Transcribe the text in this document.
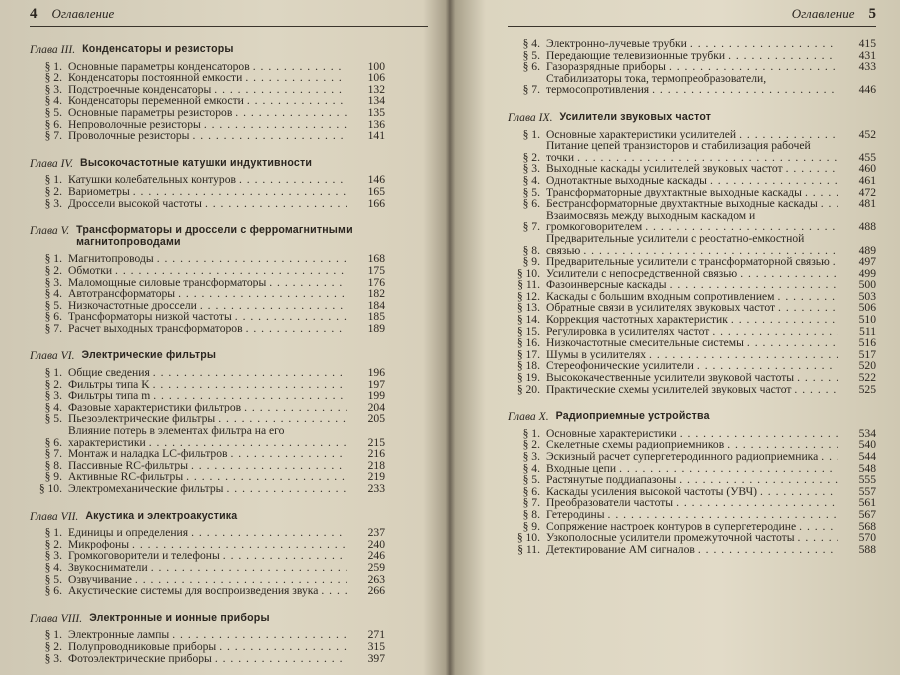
4 Оглавление
Глава III. Конденсаторы и резисторы
§ 1. Основные параметры конденсаторов . . .	100
§ 2. Конденсаторы постоянной емкости . . .	106
§ 3. Подстроечные конденсаторы . . .	132
§ 4. Конденсаторы переменной емкости . . .	134
§ 5. Основные параметры резисторов . . .	135
§ 6. Непроволочные резисторы . . .	136
§ 7. Проволочные резисторы . . .	141
Глава IV. Высокочастотные катушки индуктивности
§ 1. Катушки колебательных контуров . . .	146
§ 2. Вариометры . . .	165
§ 3. Дроссели высокой частоты . . .	166
Глава V. Трансформаторы и дроссели с ферромагнитными магнитопроводами
§ 1. Магнитопроводы . . .	168
§ 2. Обмотки . . .	175
§ 3. Маломощные силовые трансформаторы . . .	176
§ 4. Автотрансформаторы . . .	182
§ 5. Низкочастотные дроссели . . .	184
§ 6. Трансформаторы низкой частоты . . .	185
§ 7. Расчет выходных трансформаторов . . .	189
Глава VI. Электрические фильтры
§ 1. Общие сведения . . .	196
§ 2. Фильтры типа K . . .	197
§ 3. Фильтры типа m . . .	199
§ 4. Фазовые характеристики фильтров . . .	204
§ 5. Пьезоэлектрические фильтры . . .	205
§ 6.
Влияние потерь в элементах фильтра на его характеристики . . .	215
§ 7. Монтаж и наладка LC-фильтров . . .	216
§ 8. Пассивные RC-фильтры . . .	218
§ 9. Активные RC-фильтры . . .	219
§ 10. Электромеханические фильтры . . .	233
Глава VII. Акустика и электроакустика
§ 1. Единицы и определения . . .	237
§ 2. Микрофоны . . .	240
§ 3. Громкоговорители и телефоны . . .	246
§ 4. Звукосниматели . . .	259
§ 5. Озвучивание . . .	263
§ 6. Акустические системы для воспроизведения звука . . .	266
Глава VIII. Электронные и ионные приборы
§ 1. Электронные лампы . . .	271
§ 2. Полупроводниковые приборы . . .	315
§ 3. Фотоэлектрические приборы . . .	397
Оглавление 5
§ 4. Электронно-лучевые трубки . . .	415
§ 5. Передающие телевизионные трубки . . .	431
§ 6. Газоразрядные приборы . . .	433
§ 7.
Стабилизаторы тока, термопреобразователи, термосопротивления . . .	446
Глава IX. Усилители звуковых частот
§ 1. Основные характеристики усилителей . . .	452
§ 2.
Питание цепей транзисторов и стабилизация рабочей точки . . .	455
§ 3. Выходные каскады усилителей звуковых частот . . .	460
§ 4. Однотактные выходные каскады . . .	461
§ 5. Трансформаторные двухтактные выходные каскады . . .	472
§ 6. Бестрансформаторные двухтактные выходные каскады . . .	481
§ 7.
Взаимосвязь между выходным каскадом и громкоговорителем . . .	488
§ 8.
Предварительные усилители с реостатно-емкостной связью . . .	489
§ 9. Предварительные усилители с трансформаторной связью . . .	497
§ 10. Усилители с непосредственной связью . . .	499
§ 11. Фазоинверсные каскады . . .	500
§ 12. Каскады с большим входным сопротивлением . . .	503
§ 13. Обратные связи в усилителях звуковых частот . . .	506
§ 14. Коррекция частотных характеристик . . .	510
§ 15. Регулировка в усилителях частот . . .	511
§ 16. Низкочастотные смесительные системы . . .	516
§ 17. Шумы в усилителях . . .	517
§ 18. Стереофонические усилители . . .	520
§ 19. Высококачественные усилители звуковой частоты . . .	522
§ 20. Практические схемы усилителей звуковых частот . . .	525
Глава X. Радиоприемные устройства
§ 1. Основные характеристики . . .	534
§ 2. Скелетные схемы радиоприемников . . .	540
§ 3. Эскизный расчет супергетеродинного радиоприемника . . .	544
§ 4. Входные цепи . . .	548
§ 5. Растянутые поддиапазоны . . .	555
§ 6. Каскады усиления высокой частоты (УВЧ) . . .	557
§ 7. Преобразователи частоты . . .	561
§ 8. Гетеродины . . .	567
§ 9. Сопряжение настроек контуров в супергетеродине . . .	568
§ 10. Узкополосные усилители промежуточной частоты . . .	570
§ 11. Детектирование АМ сигналов . . .	588
